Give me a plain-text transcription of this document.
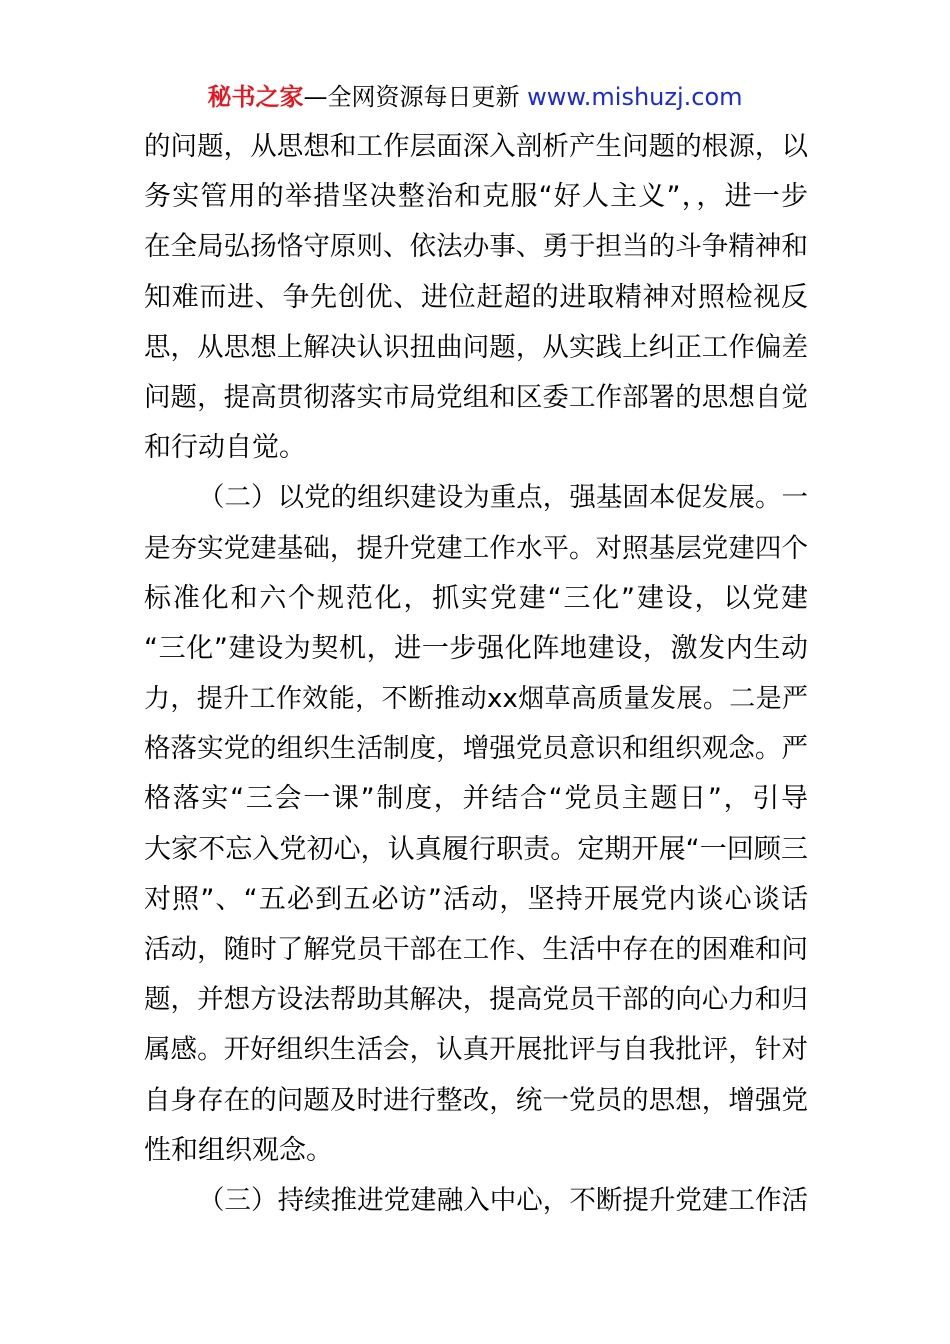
秘书之家—全网资源每日更新 www.mishuzj.com
的问题，从思想和工作层面深入剖析产生问题的根源，以
务实管用的举措坚决整治和克服“好人主义”，，进一步
在全局弘扬恪守原则、依法办事、勇于担当的斗争精神和
知难而进、争先创优、进位赶超的进取精神对照检视反
思，从思想上解决认识扭曲问题，从实践上纠正工作偏差
问题，提高贯彻落实市局党组和区委工作部署的思想自觉
和行动自觉。
（二）以党的组织建设为重点，强基固本促发展。一
是夯实党建基础，提升党建工作水平。对照基层党建四个
标准化和六个规范化，抓实党建“三化”建设，以党建
“三化”建设为契机，进一步强化阵地建设，激发内生动
力，提升工作效能，不断推动xx烟草高质量发展。二是严
格落实党的组织生活制度，增强党员意识和组织观念。严
格落实“三会一课”制度，并结合“党员主题日”，引导
大家不忘入党初心，认真履行职责。定期开展“一回顾三
对照”、“五必到五必访”活动，坚持开展党内谈心谈话
活动，随时了解党员干部在工作、生活中存在的困难和问
题，并想方设法帮助其解决，提高党员干部的向心力和归
属感。开好组织生活会，认真开展批评与自我批评，针对
自身存在的问题及时进行整改，统一党员的思想，增强党
性和组织观念。
（三）持续推进党建融入中心，不断提升党建工作活
